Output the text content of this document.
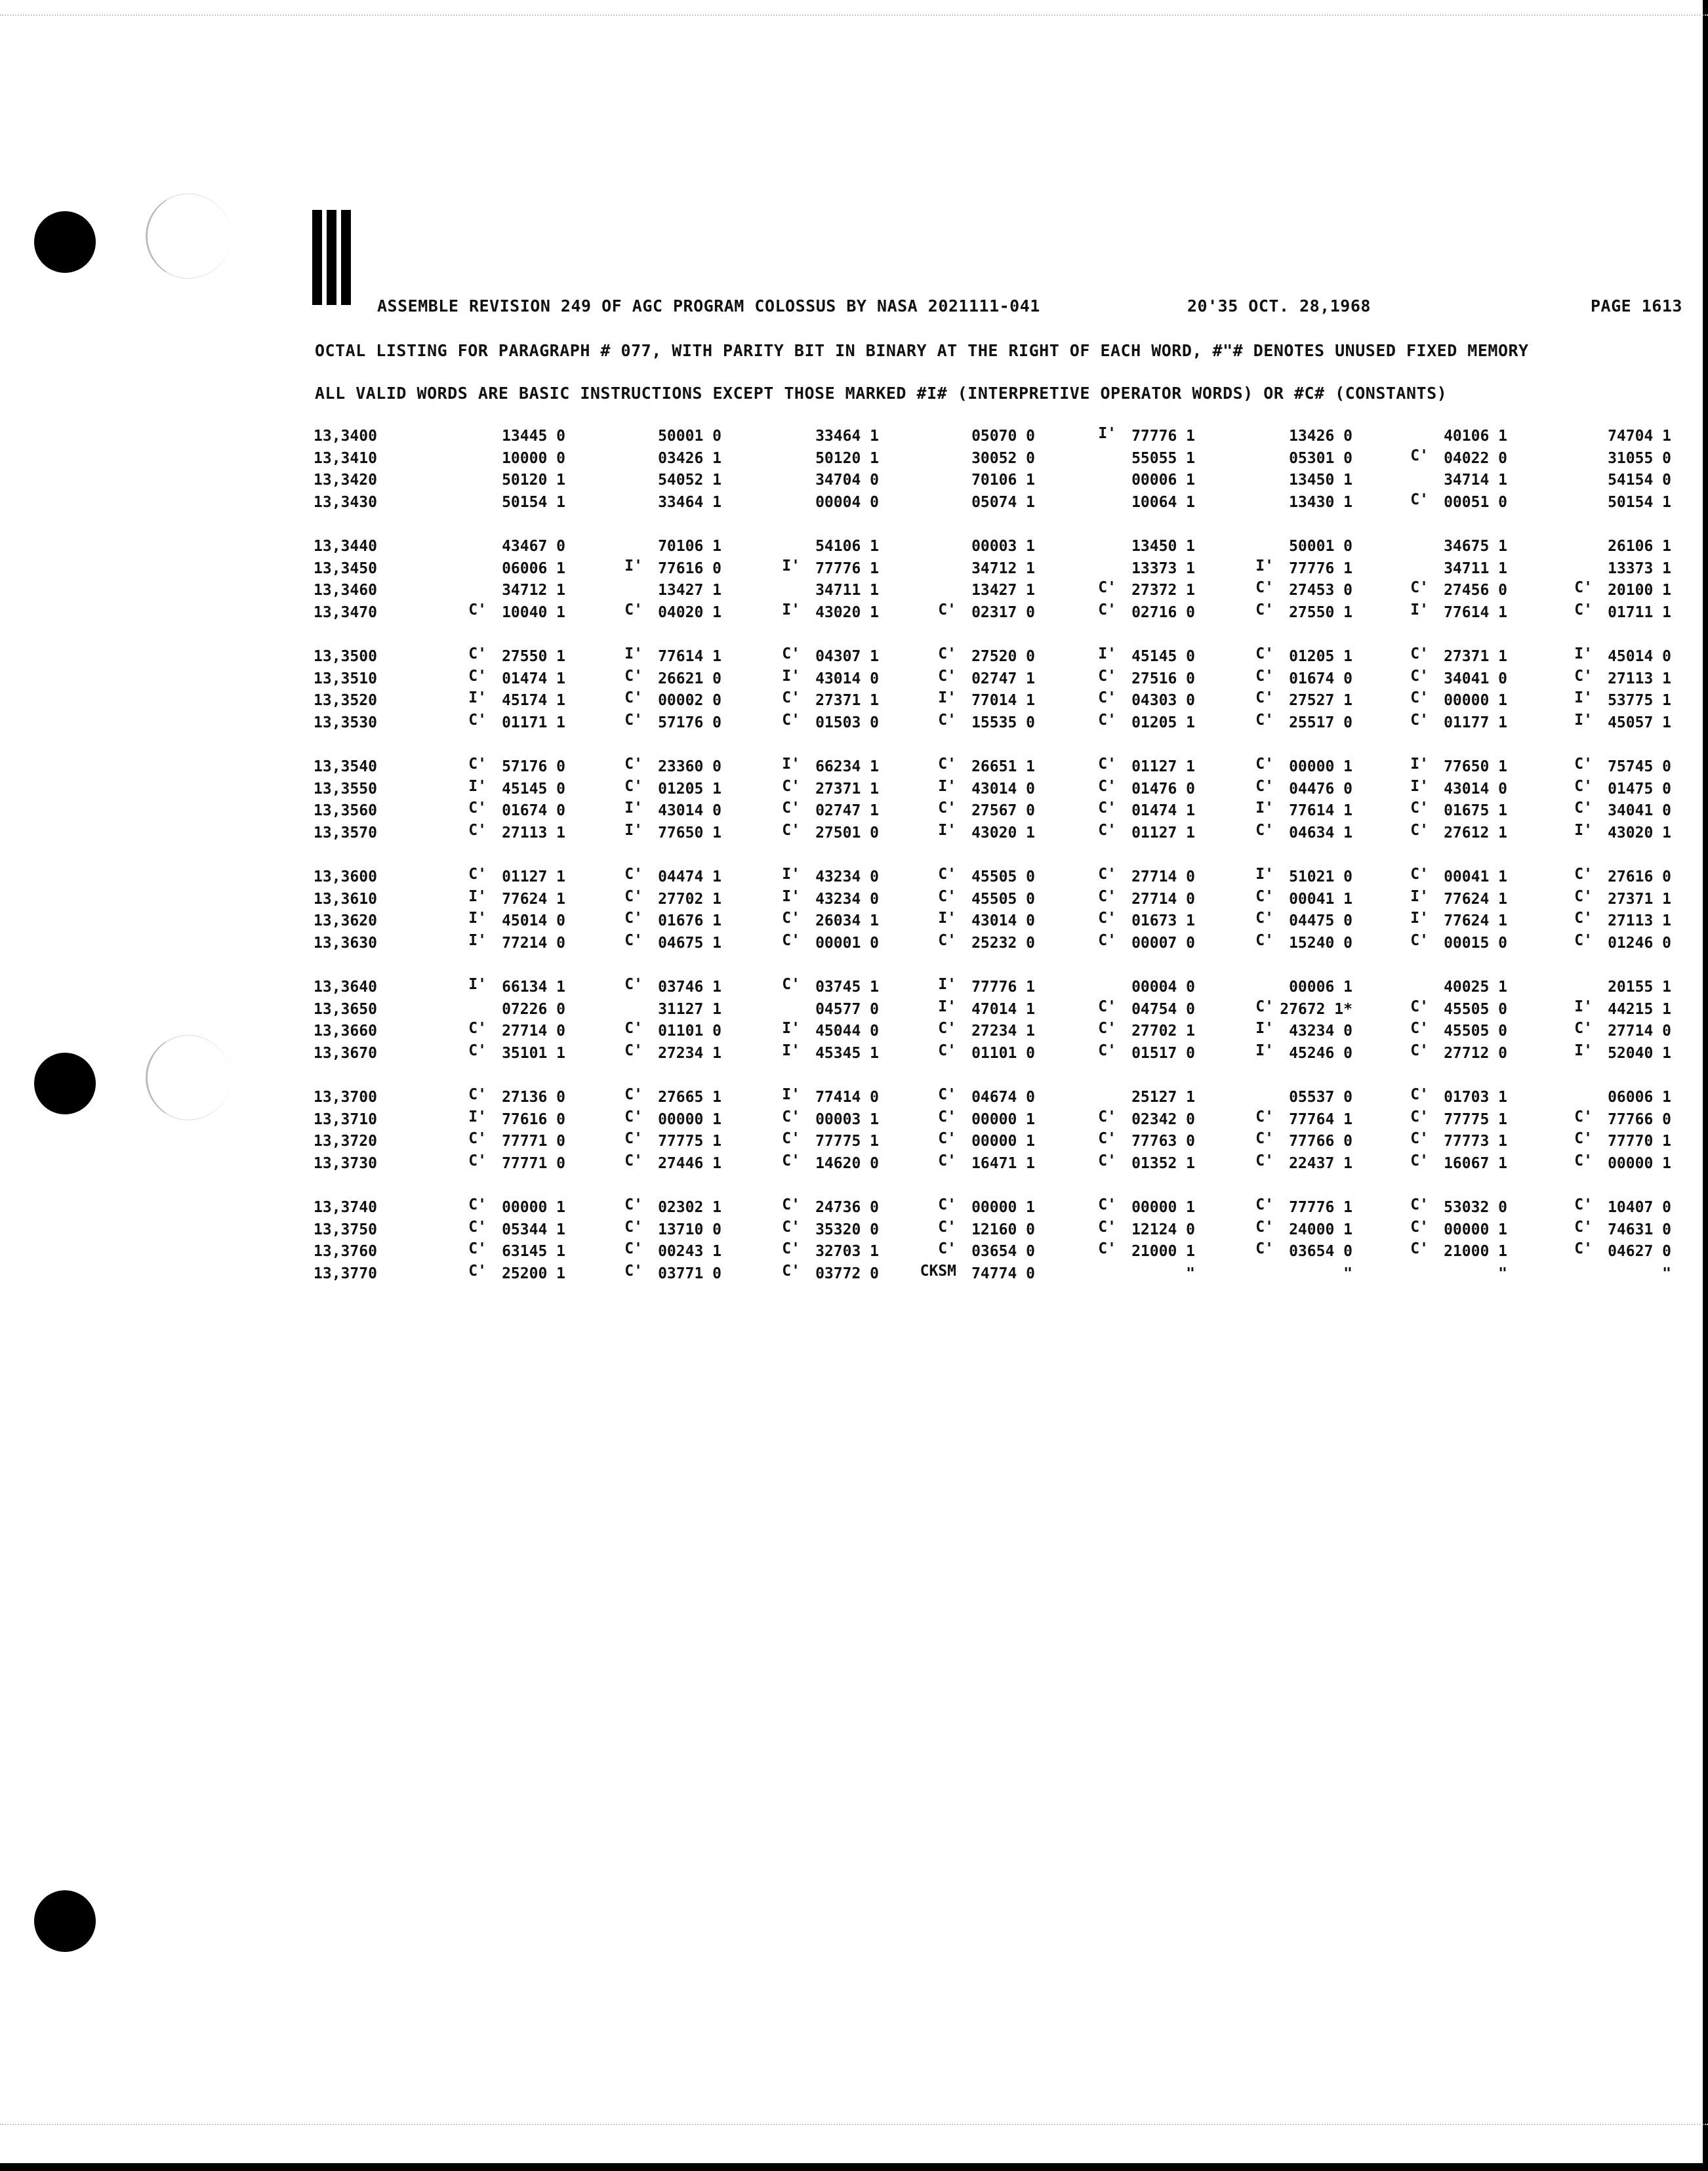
ASSEMBLE REVISION 249 OF AGC PROGRAM COLOSSUS BY NASA 2021111-041	20'35 OCT. 28,1968	PAGE 1613
OCTAL LISTING FOR PARAGRAPH # 077, WITH PARITY BIT IN BINARY AT THE RIGHT OF EACH WORD, #"# DENOTES UNUSED FIXED MEMORY
ALL VALID WORDS ARE BASIC INSTRUCTIONS EXCEPT THOSE MARKED #I# (INTERPRETIVE OPERATOR WORDS) OR #C# (CONSTANTS)
13,3400	13445 0	50001 0	33464 1	05070 0	I' 77776 1	13426 0	40106 1	74704 1
13,3410	10000 0	03426 1	50120 1	30052 0	55055 1	05301 0	C' 04022 0	31055 0
13,3420	50120 1	54052 1	34704 0	70106 1	00006 1	13450 1	34714 1	54154 0
13,3430	50154 1	33464 1	00004 0	05074 1	10064 1	13430 1	C' 00051 0	50154 1
13,3440	43467 0	70106 1	54106 1	00003 1	13450 1	50001 0	34675 1	26106 1
13,3450	06006 1	I' 77616 0	I' 77776 1	34712 1	13373 1	I' 77776 1	34711 1	13373 1
13,3460	34712 1	13427 1	34711 1	13427 1	C' 27372 1	C' 27453 0	C' 27456 0	C' 20100 1
13,3470	C' 10040 1	C' 04020 1	I' 43020 1	C' 02317 0	C' 02716 0	C' 27550 1	I' 77614 1	C' 01711 1
13,3500	C' 27550 1	I' 77614 1	C' 04307 1	C' 27520 0	I' 45145 0	C' 01205 1	C' 27371 1	I' 45014 0
13,3510	C' 01474 1	C' 26621 0	I' 43014 0	C' 02747 1	C' 27516 0	C' 01674 0	C' 34041 0	C' 27113 1
13,3520	I' 45174 1	C' 00002 0	C' 27371 1	I' 77014 1	C' 04303 0	C' 27527 1	C' 00000 1	I' 53775 1
13,3530	C' 01171 1	C' 57176 0	C' 01503 0	C' 15535 0	C' 01205 1	C' 25517 0	C' 01177 1	I' 45057 1
13,3540	C' 57176 0	C' 23360 0	I' 66234 1	C' 26651 1	C' 01127 1	C' 00000 1	I' 77650 1	C' 75745 0
13,3550	I' 45145 0	C' 01205 1	C' 27371 1	I' 43014 0	C' 01476 0	C' 04476 0	I' 43014 0	C' 01475 0
13,3560	C' 01674 0	I' 43014 0	C' 02747 1	C' 27567 0	C' 01474 1	I' 77614 1	C' 01675 1	C' 34041 0
13,3570	C' 27113 1	I' 77650 1	C' 27501 0	I' 43020 1	C' 01127 1	C' 04634 1	C' 27612 1	I' 43020 1
13,3600	C' 01127 1	C' 04474 1	I' 43234 0	C' 45505 0	C' 27714 0	I' 51021 0	C' 00041 1	C' 27616 0
13,3610	I' 77624 1	C' 27702 1	I' 43234 0	C' 45505 0	C' 27714 0	C' 00041 1	I' 77624 1	C' 27371 1
13,3620	I' 45014 0	C' 01676 1	C' 26034 1	I' 43014 0	C' 01673 1	C' 04475 0	I' 77624 1	C' 27113 1
13,3630	I' 77214 0	C' 04675 1	C' 00001 0	C' 25232 0	C' 00007 0	C' 15240 0	C' 00015 0	C' 01246 0
13,3640	I' 66134 1	C' 03746 1	C' 03745 1	I' 77776 1	00004 0	00006 1	40025 1	20155 1
13,3650	07226 0	31127 1	04577 0	I' 47014 1	C' 04754 0	C' 27672 1*	C' 45505 0	I' 44215 1
13,3660	C' 27714 0	C' 01101 0	I' 45044 0	C' 27234 1	C' 27702 1	I' 43234 0	C' 45505 0	C' 27714 0
13,3670	C' 35101 1	C' 27234 1	I' 45345 1	C' 01101 0	C' 01517 0	I' 45246 0	C' 27712 0	I' 52040 1
13,3700	C' 27136 0	C' 27665 1	I' 77414 0	C' 04674 0	25127 1	05537 0	C' 01703 1	06006 1
13,3710	I' 77616 0	C' 00000 1	C' 00003 1	C' 00000 1	C' 02342 0	C' 77764 1	C' 77775 1	C' 77766 0
13,3720	C' 77771 0	C' 77775 1	C' 77775 1	C' 00000 1	C' 77763 0	C' 77766 0	C' 77773 1	C' 77770 1
13,3730	C' 77771 0	C' 27446 1	C' 14620 0	C' 16471 1	C' 01352 1	C' 22437 1	C' 16067 1	C' 00000 1
13,3740	C' 00000 1	C' 02302 1	C' 24736 0	C' 00000 1	C' 00000 1	C' 77776 1	C' 53032 0	C' 10407 0
13,3750	C' 05344 1	C' 13710 0	C' 35320 0	C' 12160 0	C' 12124 0	C' 24000 1	C' 00000 1	C' 74631 0
13,3760	C' 63145 1	C' 00243 1	C' 32703 1	C' 03654 0	C' 21000 1	C' 03654 0	C' 21000 1	C' 04627 0
13,3770	C' 25200 1	C' 03771 0	C' 03772 0	CKSM 74774 0	"	"	"	"
